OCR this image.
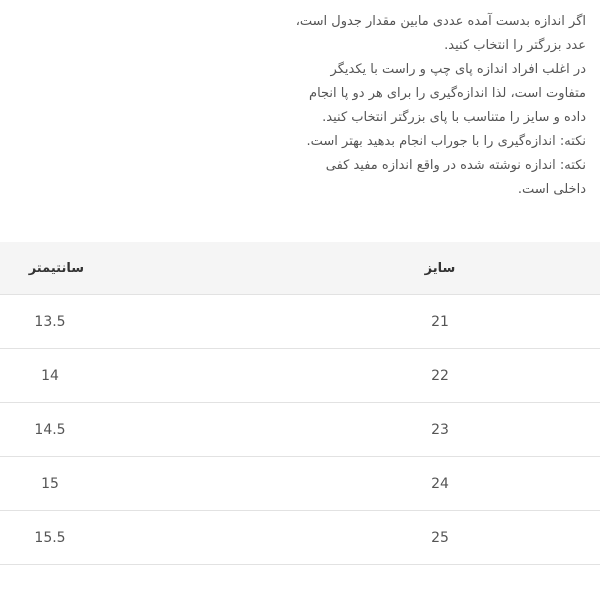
اگر اندازه بدست آمده عددی مابین مقدار جدول است،

عدد بزرگتر را انتخاب کنید.

در اغلب افراد اندازه پای چپ و راست با یکدیگر

متفاوت است، لذا اندازه‌گیری را برای هر دو پا انجام

داده و سایز را متناسب با پای بزرگتر انتخاب کنید.

نکته: اندازه‌گیری را با جوراب انجام بدهید بهتر است.

نکته: اندازه نوشته شده در واقع اندازه مفید کفی

داخلی است.

سایز	سانتیمتر
21	13.5
22	14
23	14.5
24	15
25	15.5
